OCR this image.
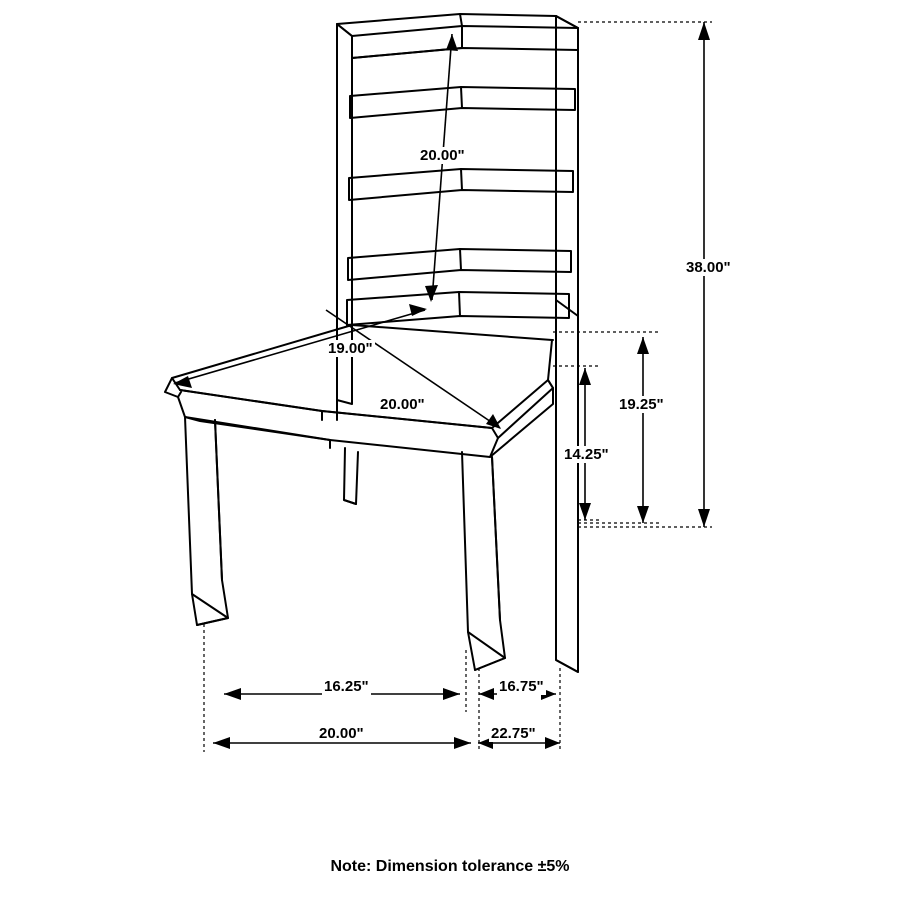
20.00"
38.00"
19.00"
20.00"	19.25"
14.25"
16.25"	16.75"
20.00"	22.75"
Note: Dimension tolerance ±5%
